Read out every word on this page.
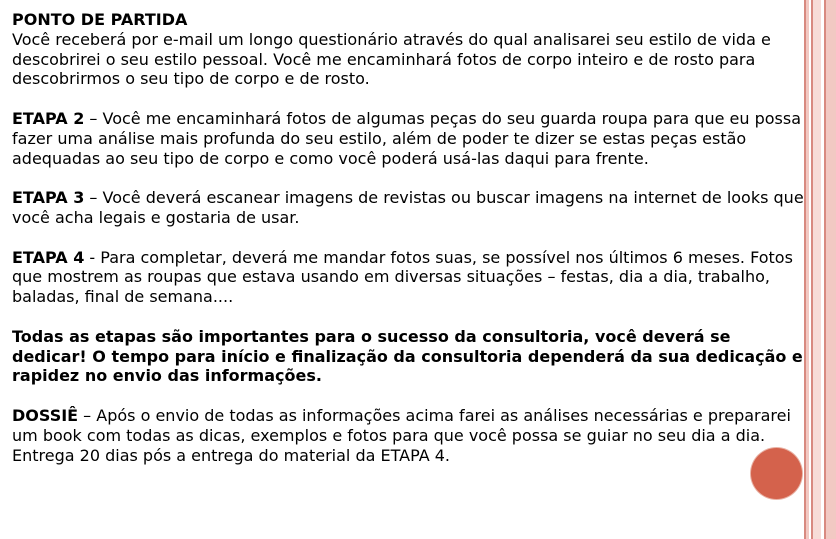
PONTO DE PARTIDA
Você receberá por e-mail um longo questionário através do qual analisarei seu estilo de vida e descobrirei o seu estilo pessoal. Você me encaminhará fotos de corpo inteiro e de rosto para descobrirmos o seu tipo de corpo e de rosto.

ETAPA 2 – Você me encaminhará fotos de algumas peças do seu guarda roupa para que eu possa fazer uma análise mais profunda do seu estilo, além de poder te dizer se estas peças estão adequadas ao seu tipo de corpo e como você poderá usá-las daqui para frente.

ETAPA 3 – Você deverá escanear imagens de revistas ou buscar imagens na internet de looks que você acha legais e gostaria de usar.

ETAPA 4 - Para completar, deverá me mandar fotos suas, se possível nos últimos 6 meses. Fotos que mostrem as roupas que estava usando em diversas situações – festas, dia a dia, trabalho, baladas, final de semana....

Todas as etapas são importantes para o sucesso da consultoria, você deverá se dedicar! O tempo para início e finalização da consultoria dependerá da sua dedicação e rapidez no envio das informações.

DOSSIÊ – Após o envio de todas as informações acima farei as análises necessárias e prepararei um book com todas as dicas, exemplos e fotos para que você possa se guiar no seu dia a dia. Entrega 20 dias pós a entrega do material da ETAPA 4.
